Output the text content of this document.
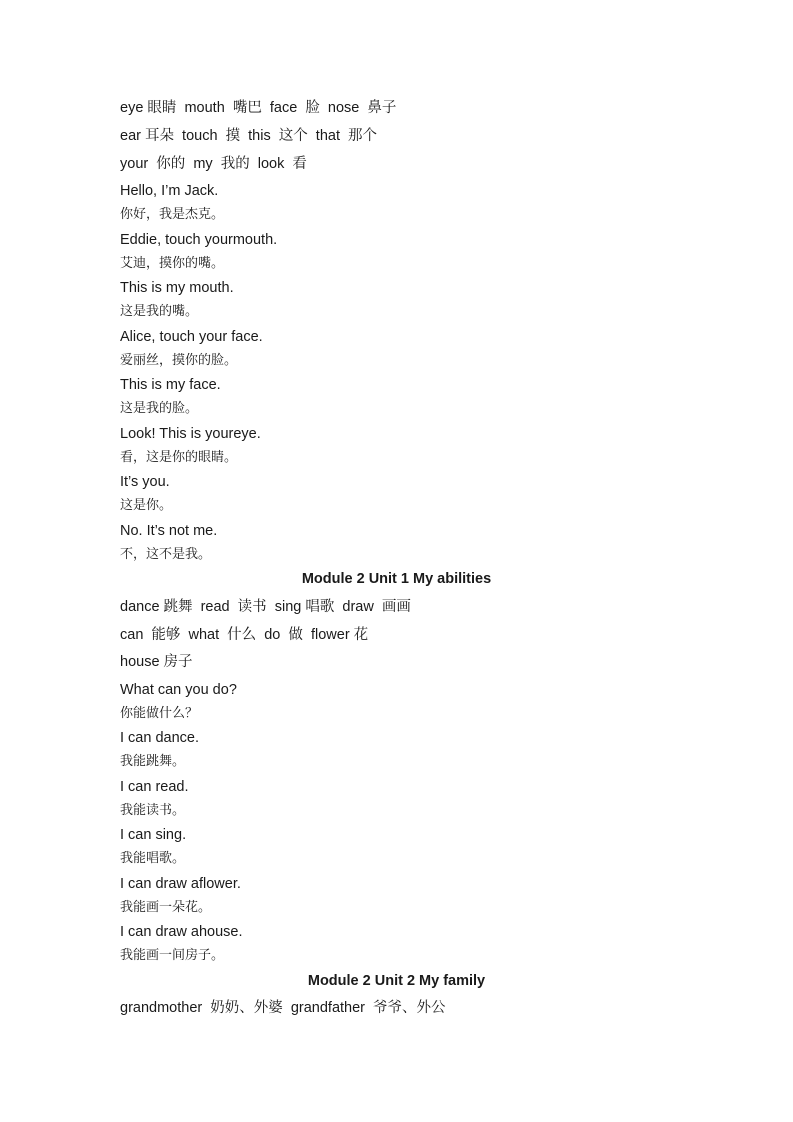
eye 眼睛  mouth  嘴巴  face  脸  nose  鼻子
ear 耳朵  touch  摸  this  这个  that  那个
your  你的  my  我的  look  看
Hello, I’m Jack.
你好，我是杰克。
Eddie, touch yourmouth.
艾迪，摸你的嘴。
This is my mouth.
这是我的嘴。
Alice, touch your face.
爱丽丝，摸你的脸。
This is my face.
这是我的脸。
Look! This is youreye.
看，这是你的眼睛。
It’s you.
这是你。
No. It’s not me.
不，这不是我。
Module 2 Unit 1 My abilities
dance 跳舞  read  读书  sing 唱歌  draw  画画
can  能够  what  什么  do  做  flower 花
house 房子
What can you do?
你能做什么？
I can dance.
我能跳舞。
I can read.
我能读书。
I can sing.
我能唱歌。
I can draw aflower.
我能画一朵花。
I can draw ahouse.
我能画一间房子。
Module 2 Unit 2 My family
grandmother  奶奶、外婆  grandfather  爷爷、外公
